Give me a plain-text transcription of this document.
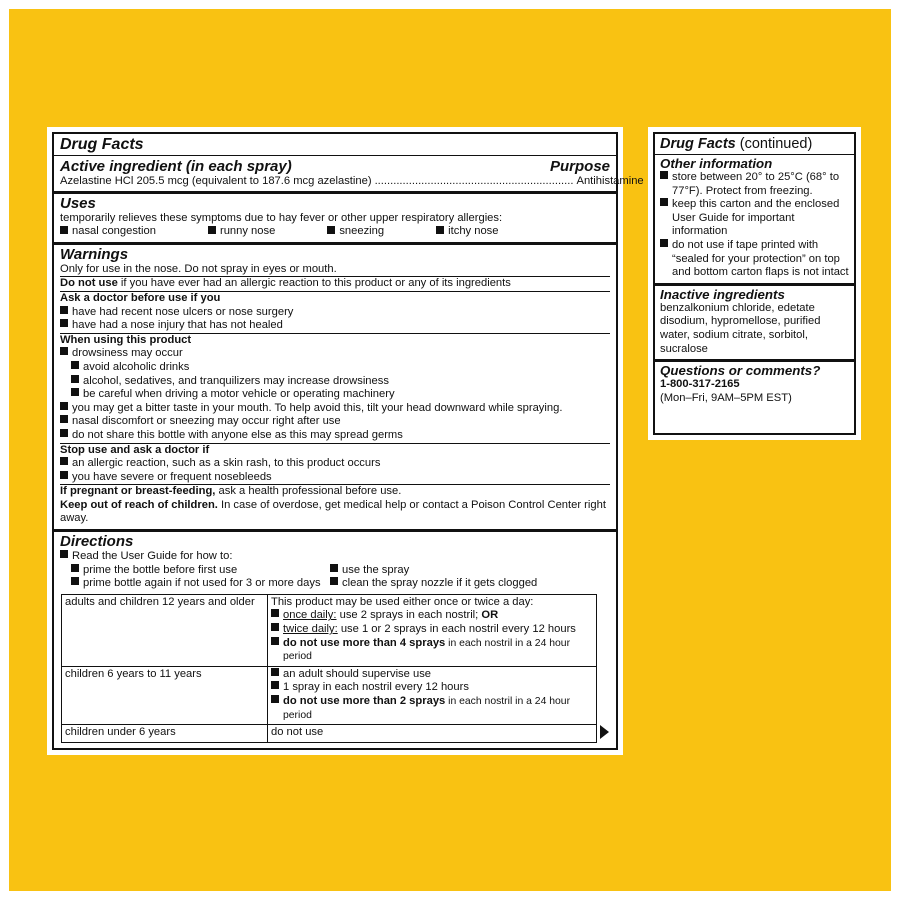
Drug Facts
Active ingredient (in each spray)	Purpose
Azelastine HCl 205.5 mcg (equivalent to 187.6 mcg azelastine) ................................................................ Antihistamine
Uses
temporarily relieves these symptoms due to hay fever or other upper respiratory allergies:
nasal congestion	runny nose	sneezing	itchy nose
Warnings
Only for use in the nose. Do not spray in eyes or mouth.
Do not use if you have ever had an allergic reaction to this product or any of its ingredients
Ask a doctor before use if you
have had recent nose ulcers or nose surgery
have had a nose injury that has not healed
When using this product
drowsiness may occur
avoid alcoholic drinks
alcohol, sedatives, and tranquilizers may increase drowsiness
be careful when driving a motor vehicle or operating machinery
you may get a bitter taste in your mouth. To help avoid this, tilt your head downward while spraying.
nasal discomfort or sneezing may occur right after use
do not share this bottle with anyone else as this may spread germs
Stop use and ask a doctor if
an allergic reaction, such as a skin rash, to this product occurs
you have severe or frequent nosebleeds
If pregnant or breast-feeding, ask a health professional before use.
Keep out of reach of children. In case of overdose, get medical help or contact a Poison Control Center right away.
Directions
Read the User Guide for how to:
prime the bottle before first use
prime bottle again if not used for 3 or more days
use the spray
clean the spray nozzle if it gets clogged
adults and children 12 years and older	This product may be used either once or twice a day:
once daily: use 2 sprays in each nostril; OR
twice daily: use 1 or 2 sprays in each nostril every 12 hours
do not use more than 4 sprays in each nostril in a 24 hour period

children 6 years to 11 years	an adult should supervise use
1 spray in each nostril every 12 hours
do not use more than 2 sprays in each nostril in a 24 hour period

children under 6 years	do not use
Drug Facts (continued)
Other information
store between 20° to 25°C (68° to 77°F). Protect from freezing.
keep this carton and the enclosed User Guide for important information
do not use if tape printed with “sealed for your protection” on top and bottom carton flaps is not intact
Inactive ingredients
benzalkonium chloride, edetate disodium, hypromellose, purified water, sodium citrate, sorbitol, sucralose
Questions or comments?
1-800-317-2165
(Mon–Fri, 9AM–5PM EST)
